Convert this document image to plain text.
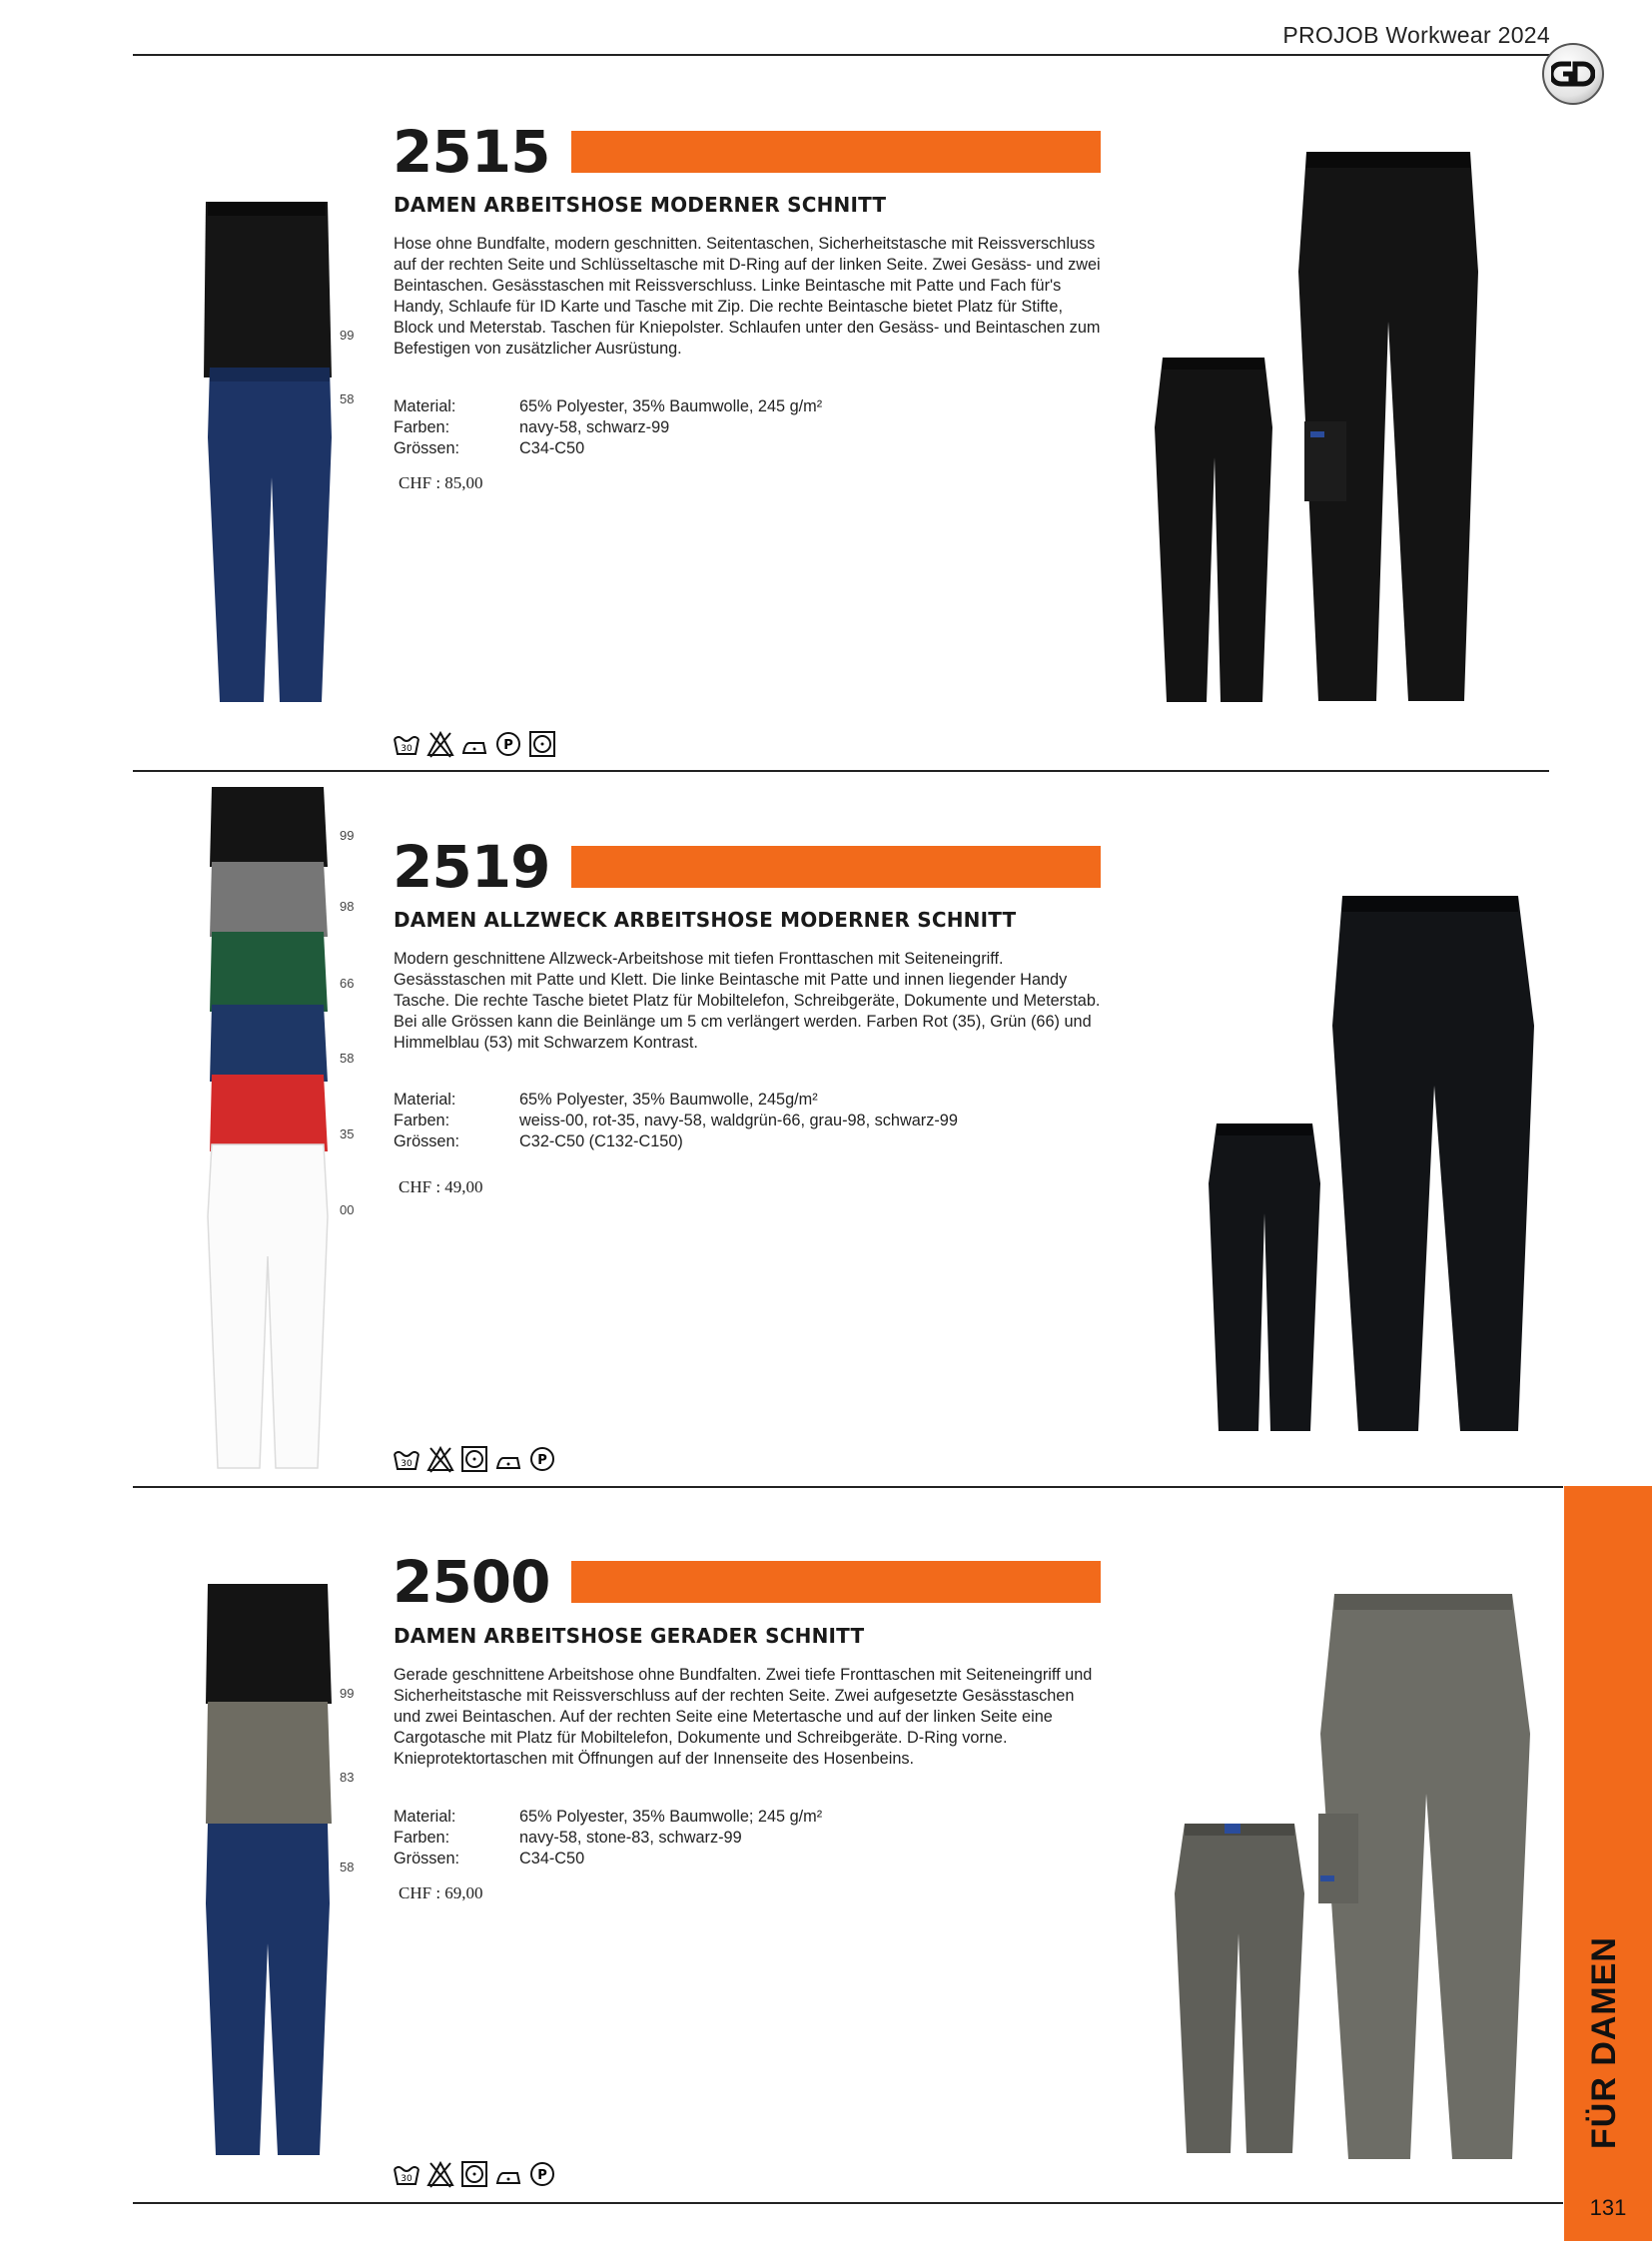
PROJOB Workwear 2024
FÜR DAMEN
131
99
58
2515
DAMEN ARBEITSHOSE MODERNER SCHNITT
Hose ohne Bundfalte, modern geschnitten. Seitentaschen, Sicherheitstasche mit Reissverschluss auf der rechten Seite und Schlüsseltasche mit D-Ring auf der linken Seite. Zwei Gesäss- und zwei Beintaschen. Gesässtaschen mit Reissverschluss. Linke Beintasche mit Patte und Fach für's Handy, Schlaufe für ID Karte und Tasche mit Zip. Die rechte Beintasche bietet Platz für Stifte, Block und Meterstab. Taschen für Kniepolster. Schlaufen unter den Gesäss- und Beintaschen zum Befestigen von zusätzlicher Ausrüstung.
Material:	65% Polyester, 35% Baumwolle, 245 g/m²
Farben:	navy-58, schwarz-99
Grössen:	C34-C50
CHF : 85,00
30	P
99
98
66
58
35
00
2519
DAMEN ALLZWECK ARBEITSHOSE MODERNER SCHNITT
Modern geschnittene Allzweck-Arbeitshose mit tiefen Fronttaschen mit Seiteneingriff. Gesässtaschen mit Patte und Klett. Die linke Beintasche mit Patte und innen liegender Handy Tasche. Die rechte Tasche bietet Platz für Mobiltelefon, Schreibgeräte, Dokumente und Meterstab. Bei alle Grössen kann die Beinlänge um 5 cm verlängert werden. Farben Rot (35), Grün (66) und Himmelblau (53) mit Schwarzem Kontrast.
Material:	65% Polyester, 35% Baumwolle, 245g/m²
Farben:	weiss-00, rot-35, navy-58, waldgrün-66, grau-98, schwarz-99
Grössen:	C32-C50 (C132-C150)
CHF : 49,00
30	P
99
83
58
2500
DAMEN ARBEITSHOSE GERADER SCHNITT
Gerade geschnittene Arbeitshose ohne Bundfalten. Zwei tiefe Fronttaschen mit Seiteneingriff und Sicherheitstasche mit Reissverschluss auf der rechten Seite. Zwei aufgesetzte Gesässtaschen und zwei Beintaschen. Auf der rechten Seite eine Metertasche und auf der linken Seite eine Cargotasche mit Platz für Mobiltelefon, Dokumente und Schreibgeräte. D-Ring vorne. Knieprotektortaschen mit Öffnungen auf der Innenseite des Hosenbeins.
Material:	65% Polyester, 35% Baumwolle; 245 g/m²
Farben:	navy-58, stone-83, schwarz-99
Grössen:	C34-C50
CHF : 69,00
30	P
